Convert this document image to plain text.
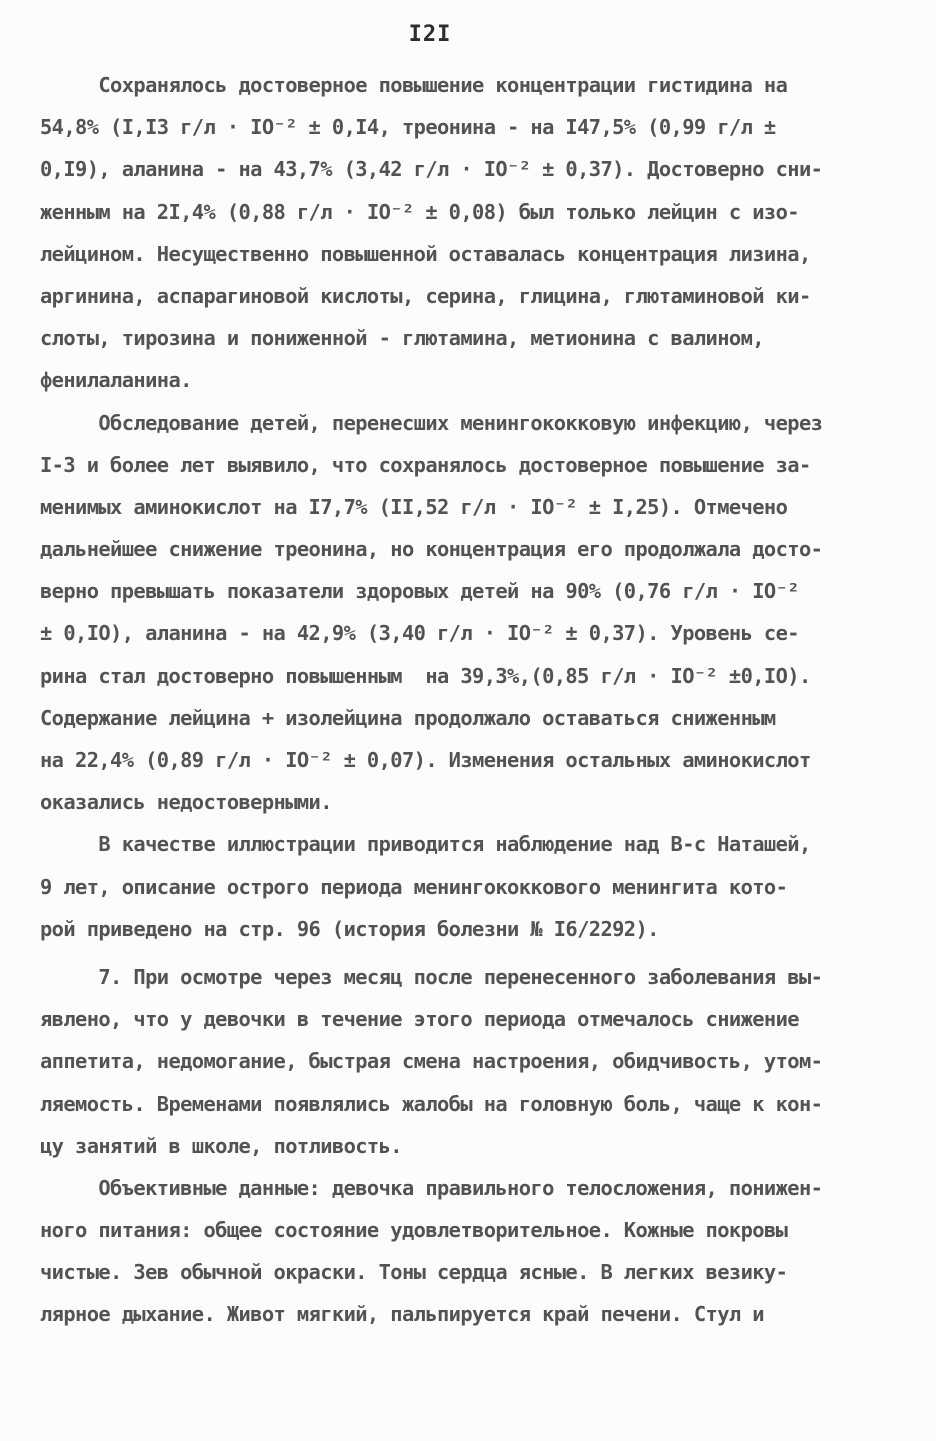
I2I
Сохранялось достоверное повышение концентрации гистидина на
54,8% (I,I3 г/л · IO⁻² ± 0,I4, треонина - на I47,5% (0,99 г/л ±
0,I9), аланина - на 43,7% (3,42 г/л · IO⁻² ± 0,37). Достоверно сни-
женным на 2I,4% (0,88 г/л · IO⁻² ± 0,08) был только лейцин с изо-
лейцином. Несущественно повышенной оставалась концентрация лизина,
аргинина, аспарагиновой кислоты, серина, глицина, глютаминовой ки-
слоты, тирозина и пониженной - глютамина, метионина с валином,
фенилаланина.
Обследование детей, перенесших менингококковую инфекцию, через
I-3 и более лет выявило, что сохранялось достоверное повышение за-
менимых аминокислот на I7,7% (II,52 г/л · IO⁻² ± I,25). Отмечено
дальнейшее снижение треонина, но концентрация его продолжала досто-
верно превышать показатели здоровых детей на 90% (0,76 г/л · IO⁻²
± 0,IO), аланина - на 42,9% (3,40 г/л · IO⁻² ± 0,37). Уровень се-
рина стал достоверно повышенным  на 39,3%,(0,85 г/л · IO⁻² ±0,IO).
Содержание лейцина + изолейцина продолжало оставаться сниженным
на 22,4% (0,89 г/л · IO⁻² ± 0,07). Изменения остальных аминокислот
оказались недостоверными.
В качестве иллюстрации приводится наблюдение над В-с Наташей,
9 лет, описание острого периода менингококкового менингита кото-
рой приведено на стр. 96 (история болезни № I6/2292).
7. При осмотре через месяц после перенесенного заболевания вы-
явлено, что у девочки в течение этого периода отмечалось снижение
аппетита, недомогание, быстрая смена настроения, обидчивость, утом-
ляемость. Временами появлялись жалобы на головную боль, чаще к кон-
цу занятий в школе, потливость.
Объективные данные: девочка правильного телосложения, понижен-
ного питания: общее состояние удовлетворительное. Кожные покровы
чистые. Зев обычной окраски. Тоны сердца ясные. В легких везику-
лярное дыхание. Живот мягкий, пальпируется край печени. Стул и
